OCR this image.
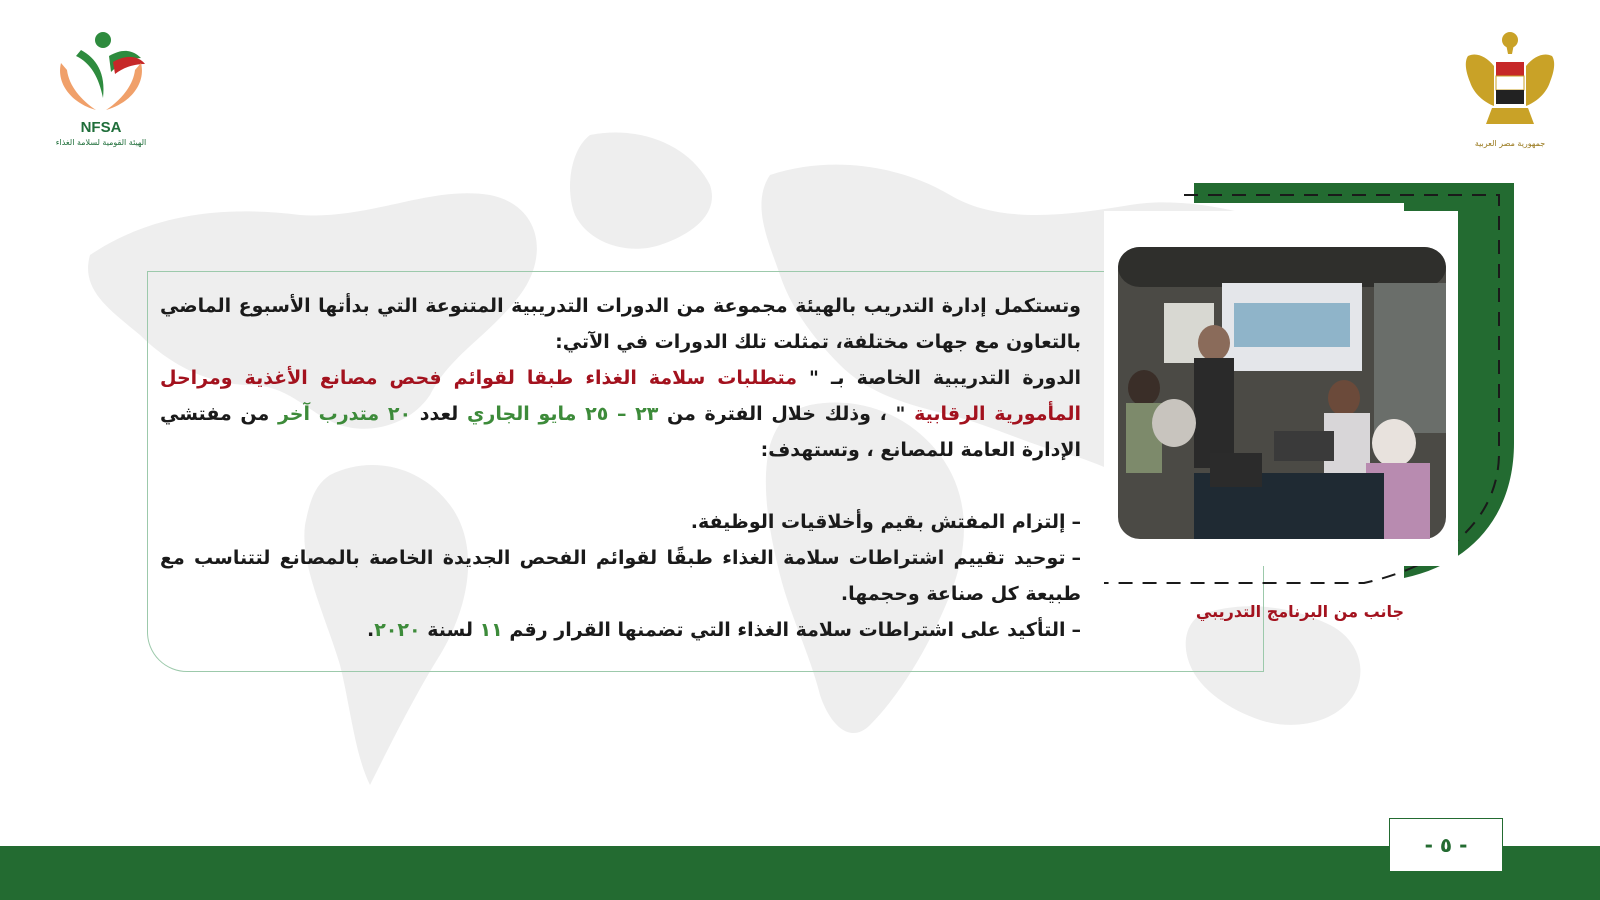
NFSA
الهيئة القومية لسلامة الغذاء	جمهورية مصر العربية

وتستكمل إدارة التدريب بالهيئة مجموعة من الدورات التدريبية المتنوعة التي بدأتها الأسبوع الماضي بالتعاون مع جهات مختلفة، تمثلت تلك الدورات في الآتي:

الدورة التدريبية الخاصة بـ " متطلبات سلامة الغذاء طبقا لقوائم فحص مصانع الأغذية ومراحل المأمورية الرقابية " ، وذلك خلال الفترة من ٢٣ – ٢٥ مايو الجاري لعدد ٢٠ متدرب آخر من مفتشي الإدارة العامة للمصانع ، وتستهدف:

–إلتزام المفتش بقيم وأخلاقيات الوظيفة.

–توحيد تقييم اشتراطات سلامة الغذاء طبقًا لقوائم الفحص الجديدة الخاصة بالمصانع لتتناسب مع طبيعة كل صناعة وحجمها.

–التأكيد على اشتراطات سلامة الغذاء التي تضمنها القرار رقم ١١ لسنة ٢٠٢٠.

جانب من البرنامج التدريبي
- ٥ -
